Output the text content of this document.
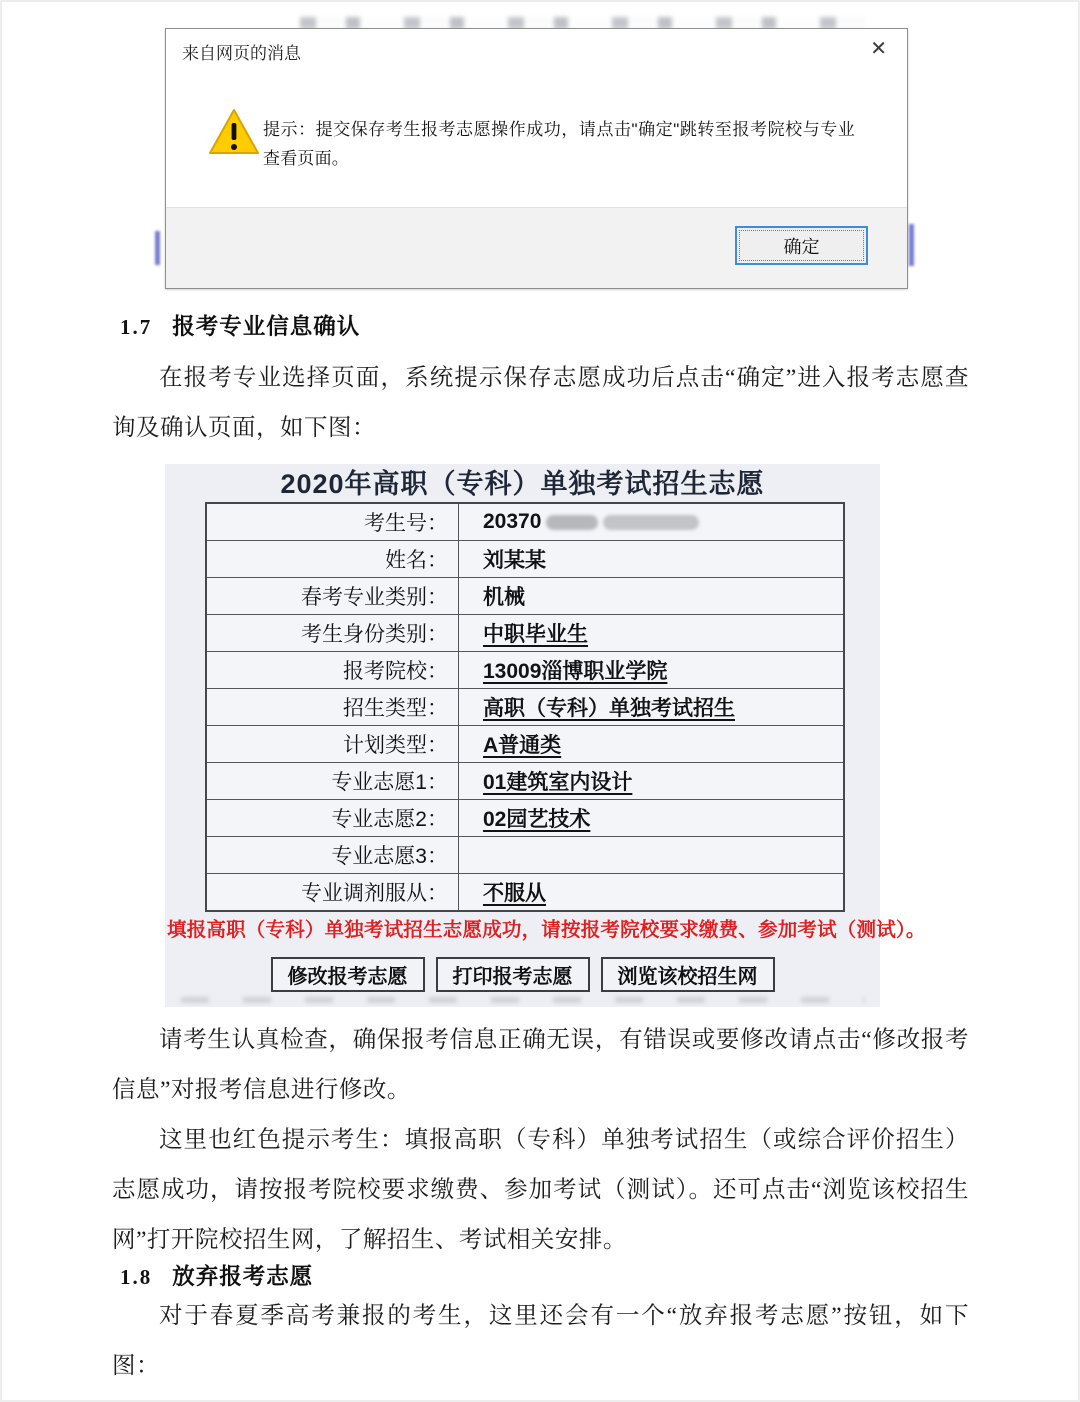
来自网页的消息	✕
提示：提交保存考生报考志愿操作成功，请点击"确定"跳转至报考院校与专业查看页面。
确定
1.7 报考专业信息确认

在报考专业选择页面，系统提示保存志愿成功后点击“确定”进入报考志愿查询及确认页面，如下图：

2020年高职（专科）单独考试招生志愿
考生号：	20370
姓名：	刘某某
春考专业类别：	机械
考生身份类别：	中职毕业生
报考院校：	13009淄博职业学院
招生类型：	高职（专科）单独考试招生
计划类型：	A普通类
专业志愿1：	01建筑室内设计
专业志愿2：	02园艺技术
专业志愿3：	
专业调剂服从：	不服从
填报高职（专科）单独考试招生志愿成功，请按报考院校要求缴费、参加考试（测试）。
修改报考志愿	打印报考志愿	浏览该校招生网

请考生认真检查，确保报考信息正确无误，有错误或要修改请点击“修改报考信息”对报考信息进行修改。

这里也红色提示考生：填报高职（专科）单独考试招生（或综合评价招生）志愿成功，请按报考院校要求缴费、参加考试（测试）。还可点击“浏览该校招生网”打开院校招生网，了解招生、考试相关安排。

1.8 放弃报考志愿

对于春夏季高考兼报的考生，这里还会有一个“放弃报考志愿”按钮，如下图：
